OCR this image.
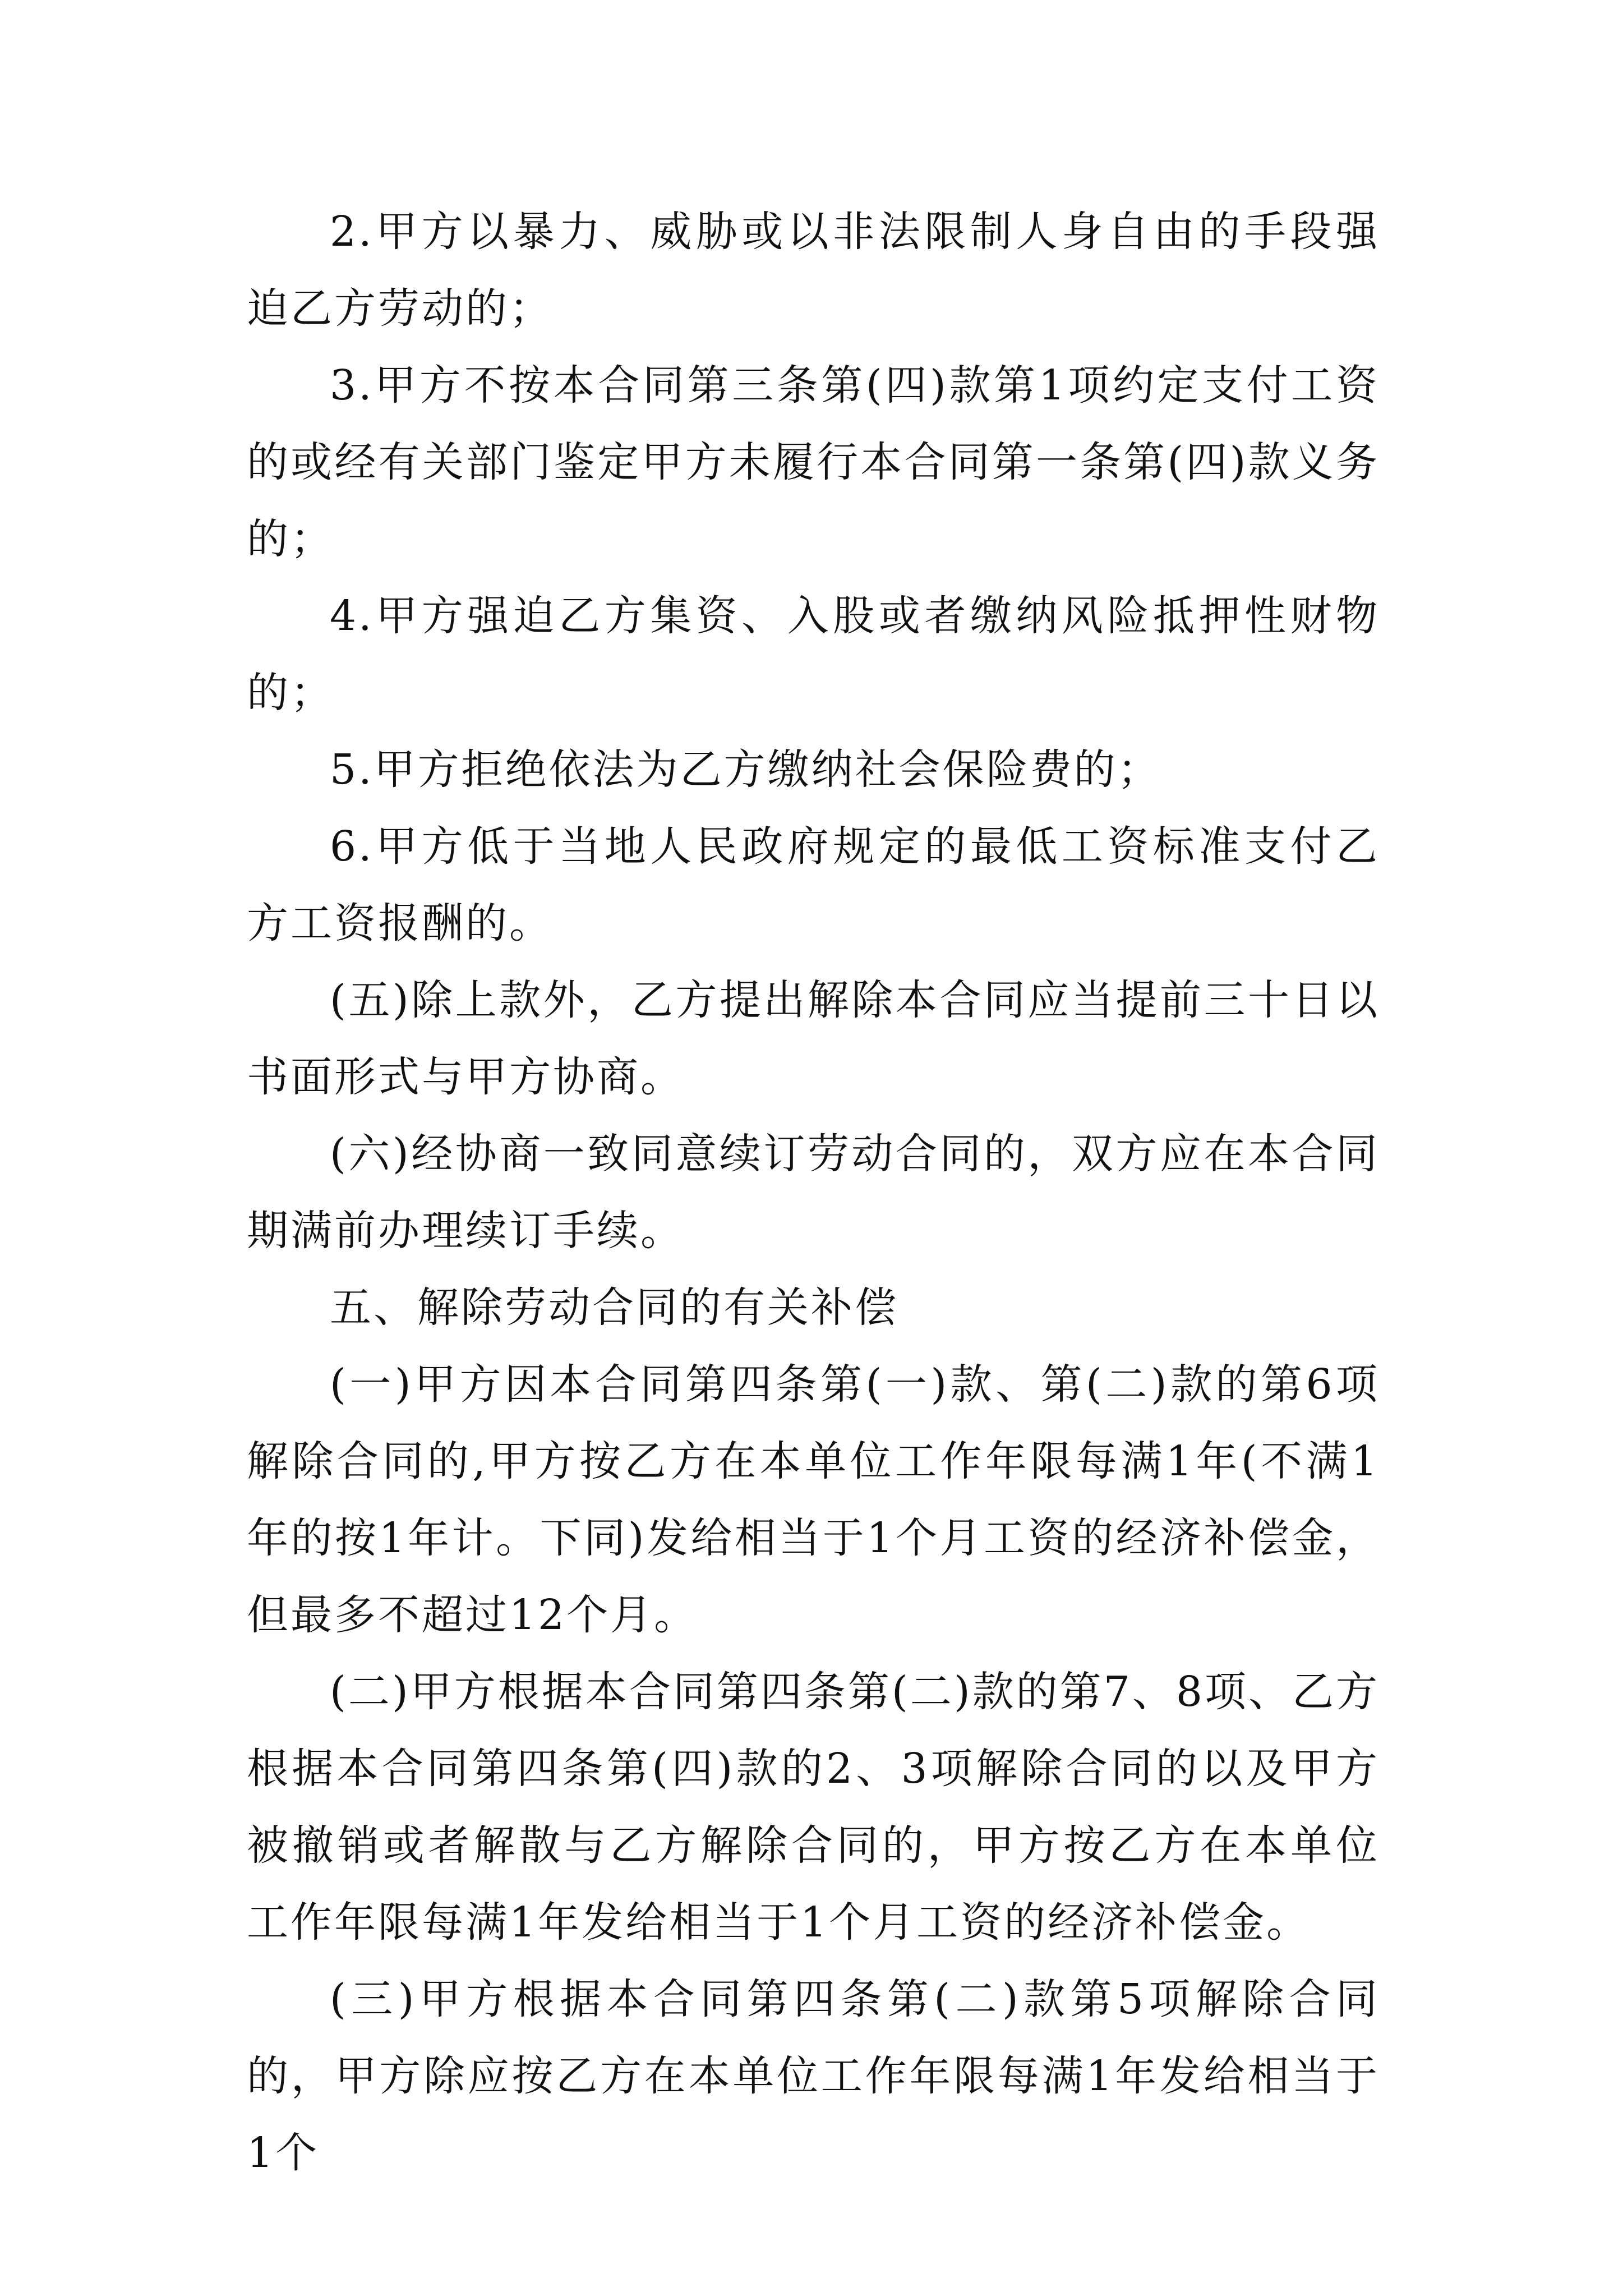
2.甲方以暴力、威胁或以非法限制人身自由的手段强迫乙方劳动的；

3.甲方不按本合同第三条第(四)款第1项约定支付工资的或经有关部门鉴定甲方未履行本合同第一条第(四)款义务的；

4.甲方强迫乙方集资、入股或者缴纳风险抵押性财物的；

5.甲方拒绝依法为乙方缴纳社会保险费的；

6.甲方低于当地人民政府规定的最低工资标准支付乙方工资报酬的。

(五)除上款外，乙方提出解除本合同应当提前三十日以书面形式与甲方协商。

(六)经协商一致同意续订劳动合同的，双方应在本合同期满前办理续订手续。

五、解除劳动合同的有关补偿

(一)甲方因本合同第四条第(一)款、第(二)款的第6项解除合同的,甲方按乙方在本单位工作年限每满1年(不满1年的按1年计。下同)发给相当于1个月工资的经济补偿金，但最多不超过12个月。

(二)甲方根据本合同第四条第(二)款的第7、8项、乙方根据本合同第四条第(四)款的2、3项解除合同的以及甲方被撤销或者解散与乙方解除合同的，甲方按乙方在本单位工作年限每满1年发给相当于1个月工资的经济补偿金。

(三)甲方根据本合同第四条第(二)款第5项解除合同的，甲方除应按乙方在本单位工作年限每满1年发给相当于1个
